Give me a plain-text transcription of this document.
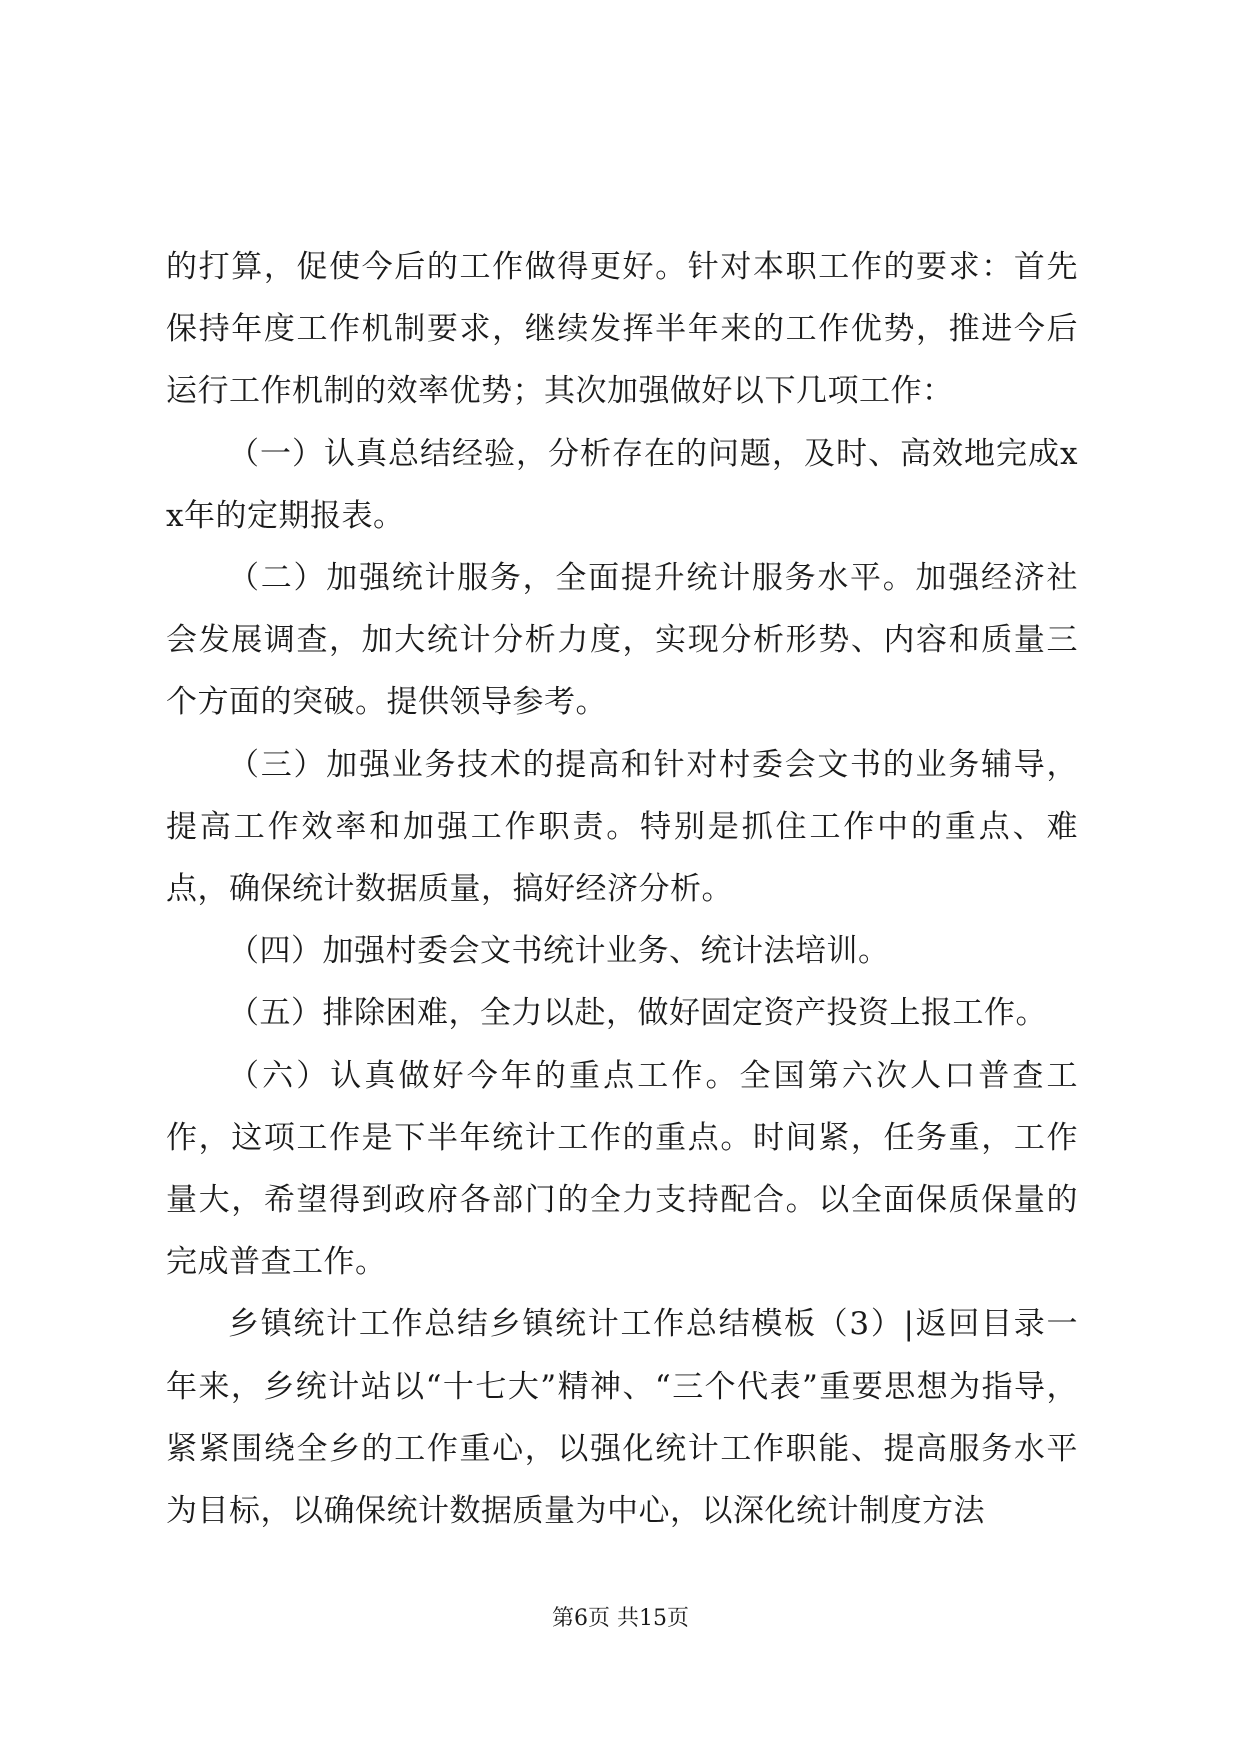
的打算，促使今后的工作做得更好。针对本职工作的要求：首先保持年度工作机制要求，继续发挥半年来的工作优势，推进今后运行工作机制的效率优势；其次加强做好以下几项工作：

（一）认真总结经验，分析存在的问题，及时、高效地完成xx年的定期报表。

（二）加强统计服务，全面提升统计服务水平。加强经济社会发展调查，加大统计分析力度，实现分析形势、内容和质量三个方面的突破。提供领导参考。

（三）加强业务技术的提高和针对村委会文书的业务辅导，提高工作效率和加强工作职责。特别是抓住工作中的重点、难点，确保统计数据质量，搞好经济分析。

（四）加强村委会文书统计业务、统计法培训。

（五）排除困难，全力以赴，做好固定资产投资上报工作。

（六）认真做好今年的重点工作。全国第六次人口普查工作，这项工作是下半年统计工作的重点。时间紧，任务重，工作量大，希望得到政府各部门的全力支持配合。以全面保质保量的完成普查工作。

乡镇统计工作总结乡镇统计工作总结模板（3）|返回目录一年来，乡统计站以“十七大”精神、“三个代表”重要思想为指导，紧紧围绕全乡的工作重心，以强化统计工作职能、提高服务水平为目标，以确保统计数据质量为中心，以深化统计制度方法

第6页 共15页
